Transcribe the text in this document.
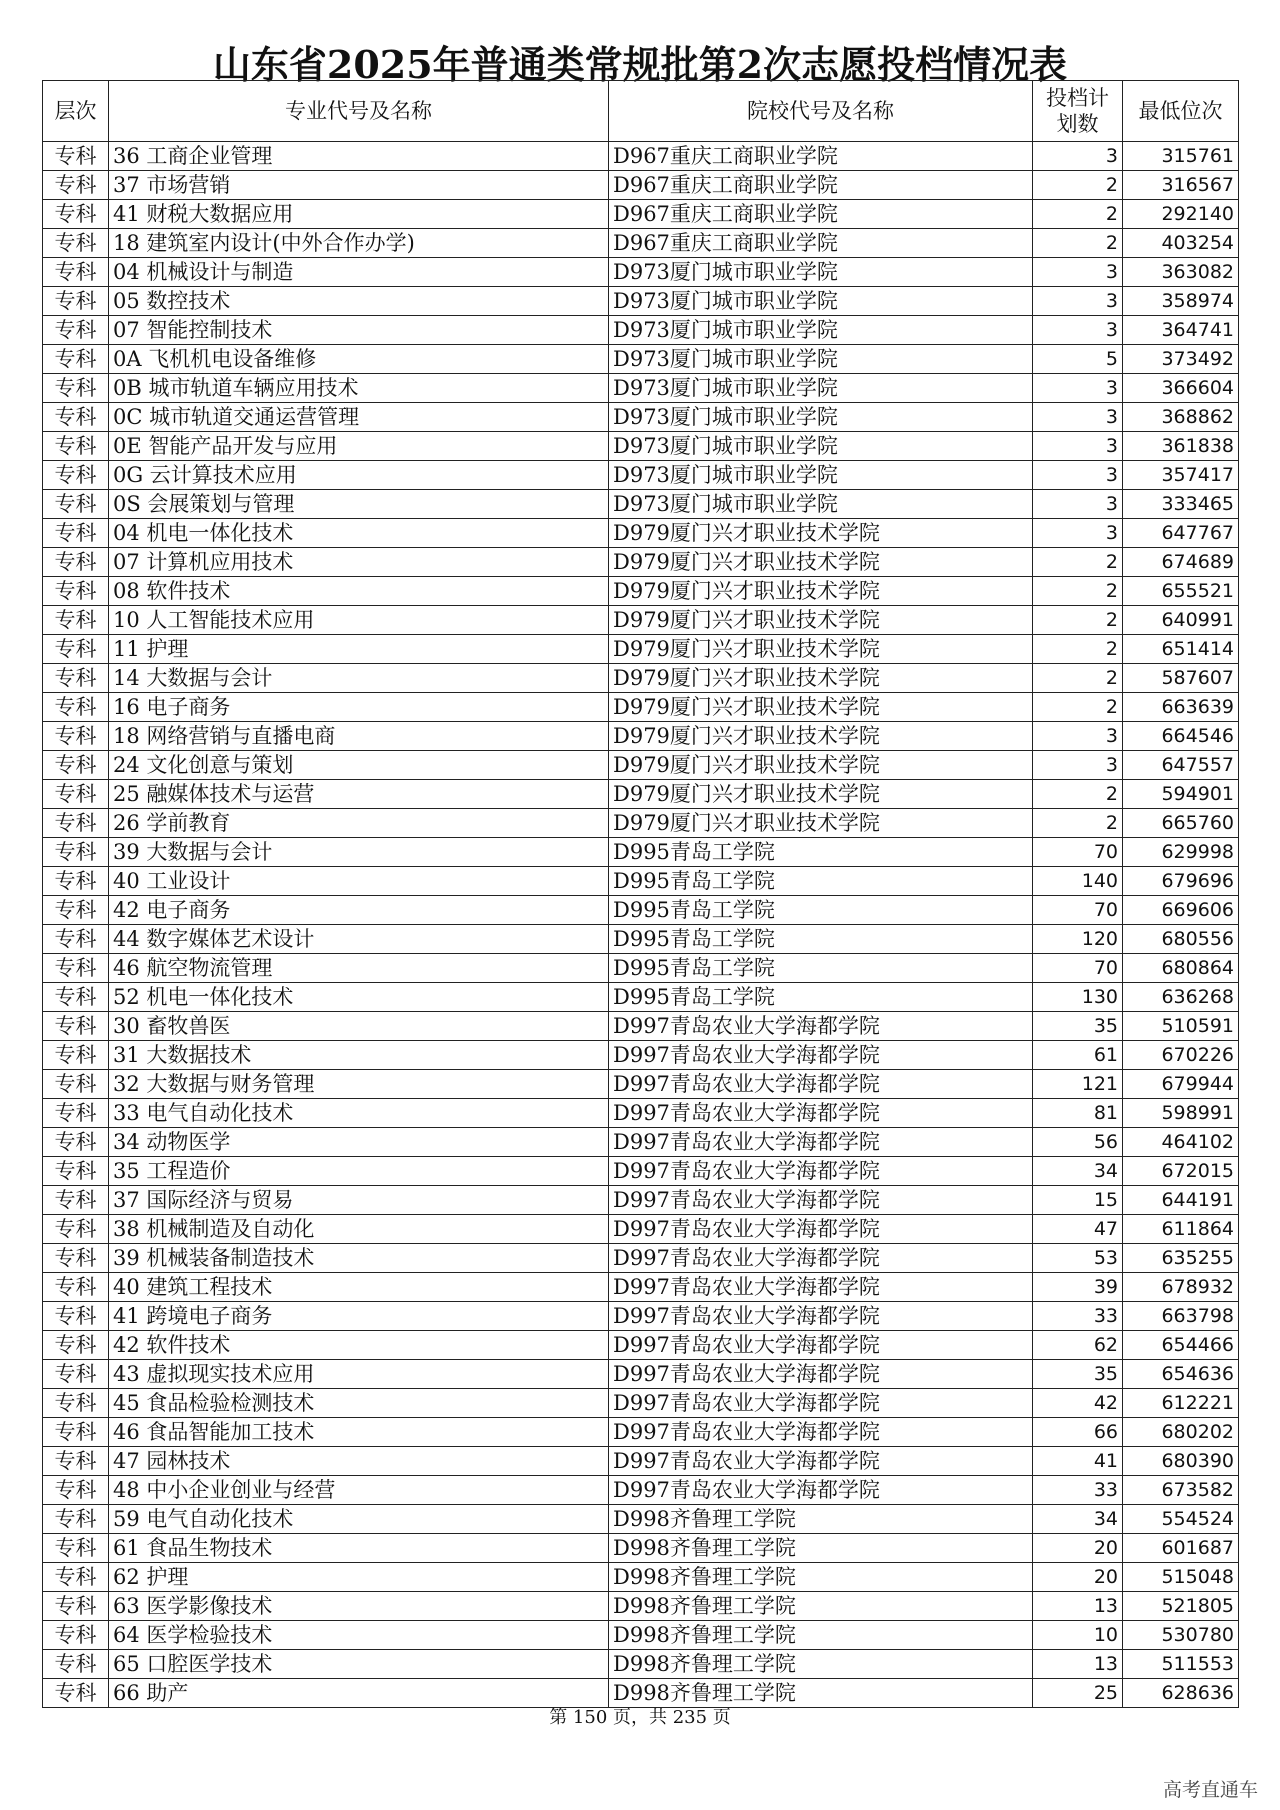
山东省2025年普通类常规批第2次志愿投档情况表
层次	专业代号及名称	院校代号及名称	投档计
划数	最低位次
专科	36 工商企业管理	D967重庆工商职业学院	3	315761
专科	37 市场营销	D967重庆工商职业学院	2	316567
专科	41 财税大数据应用	D967重庆工商职业学院	2	292140
专科	18 建筑室内设计(中外合作办学)	D967重庆工商职业学院	2	403254
专科	04 机械设计与制造	D973厦门城市职业学院	3	363082
专科	05 数控技术	D973厦门城市职业学院	3	358974
专科	07 智能控制技术	D973厦门城市职业学院	3	364741
专科	0A 飞机机电设备维修	D973厦门城市职业学院	5	373492
专科	0B 城市轨道车辆应用技术	D973厦门城市职业学院	3	366604
专科	0C 城市轨道交通运营管理	D973厦门城市职业学院	3	368862
专科	0E 智能产品开发与应用	D973厦门城市职业学院	3	361838
专科	0G 云计算技术应用	D973厦门城市职业学院	3	357417
专科	0S 会展策划与管理	D973厦门城市职业学院	3	333465
专科	04 机电一体化技术	D979厦门兴才职业技术学院	3	647767
专科	07 计算机应用技术	D979厦门兴才职业技术学院	2	674689
专科	08 软件技术	D979厦门兴才职业技术学院	2	655521
专科	10 人工智能技术应用	D979厦门兴才职业技术学院	2	640991
专科	11 护理	D979厦门兴才职业技术学院	2	651414
专科	14 大数据与会计	D979厦门兴才职业技术学院	2	587607
专科	16 电子商务	D979厦门兴才职业技术学院	2	663639
专科	18 网络营销与直播电商	D979厦门兴才职业技术学院	3	664546
专科	24 文化创意与策划	D979厦门兴才职业技术学院	3	647557
专科	25 融媒体技术与运营	D979厦门兴才职业技术学院	2	594901
专科	26 学前教育	D979厦门兴才职业技术学院	2	665760
专科	39 大数据与会计	D995青岛工学院	70	629998
专科	40 工业设计	D995青岛工学院	140	679696
专科	42 电子商务	D995青岛工学院	70	669606
专科	44 数字媒体艺术设计	D995青岛工学院	120	680556
专科	46 航空物流管理	D995青岛工学院	70	680864
专科	52 机电一体化技术	D995青岛工学院	130	636268
专科	30 畜牧兽医	D997青岛农业大学海都学院	35	510591
专科	31 大数据技术	D997青岛农业大学海都学院	61	670226
专科	32 大数据与财务管理	D997青岛农业大学海都学院	121	679944
专科	33 电气自动化技术	D997青岛农业大学海都学院	81	598991
专科	34 动物医学	D997青岛农业大学海都学院	56	464102
专科	35 工程造价	D997青岛农业大学海都学院	34	672015
专科	37 国际经济与贸易	D997青岛农业大学海都学院	15	644191
专科	38 机械制造及自动化	D997青岛农业大学海都学院	47	611864
专科	39 机械装备制造技术	D997青岛农业大学海都学院	53	635255
专科	40 建筑工程技术	D997青岛农业大学海都学院	39	678932
专科	41 跨境电子商务	D997青岛农业大学海都学院	33	663798
专科	42 软件技术	D997青岛农业大学海都学院	62	654466
专科	43 虚拟现实技术应用	D997青岛农业大学海都学院	35	654636
专科	45 食品检验检测技术	D997青岛农业大学海都学院	42	612221
专科	46 食品智能加工技术	D997青岛农业大学海都学院	66	680202
专科	47 园林技术	D997青岛农业大学海都学院	41	680390
专科	48 中小企业创业与经营	D997青岛农业大学海都学院	33	673582
专科	59 电气自动化技术	D998齐鲁理工学院	34	554524
专科	61 食品生物技术	D998齐鲁理工学院	20	601687
专科	62 护理	D998齐鲁理工学院	20	515048
专科	63 医学影像技术	D998齐鲁理工学院	13	521805
专科	64 医学检验技术	D998齐鲁理工学院	10	530780
专科	65 口腔医学技术	D998齐鲁理工学院	13	511553
专科	66 助产	D998齐鲁理工学院	25	628636
第 150 页，共 235 页
高考直通车
